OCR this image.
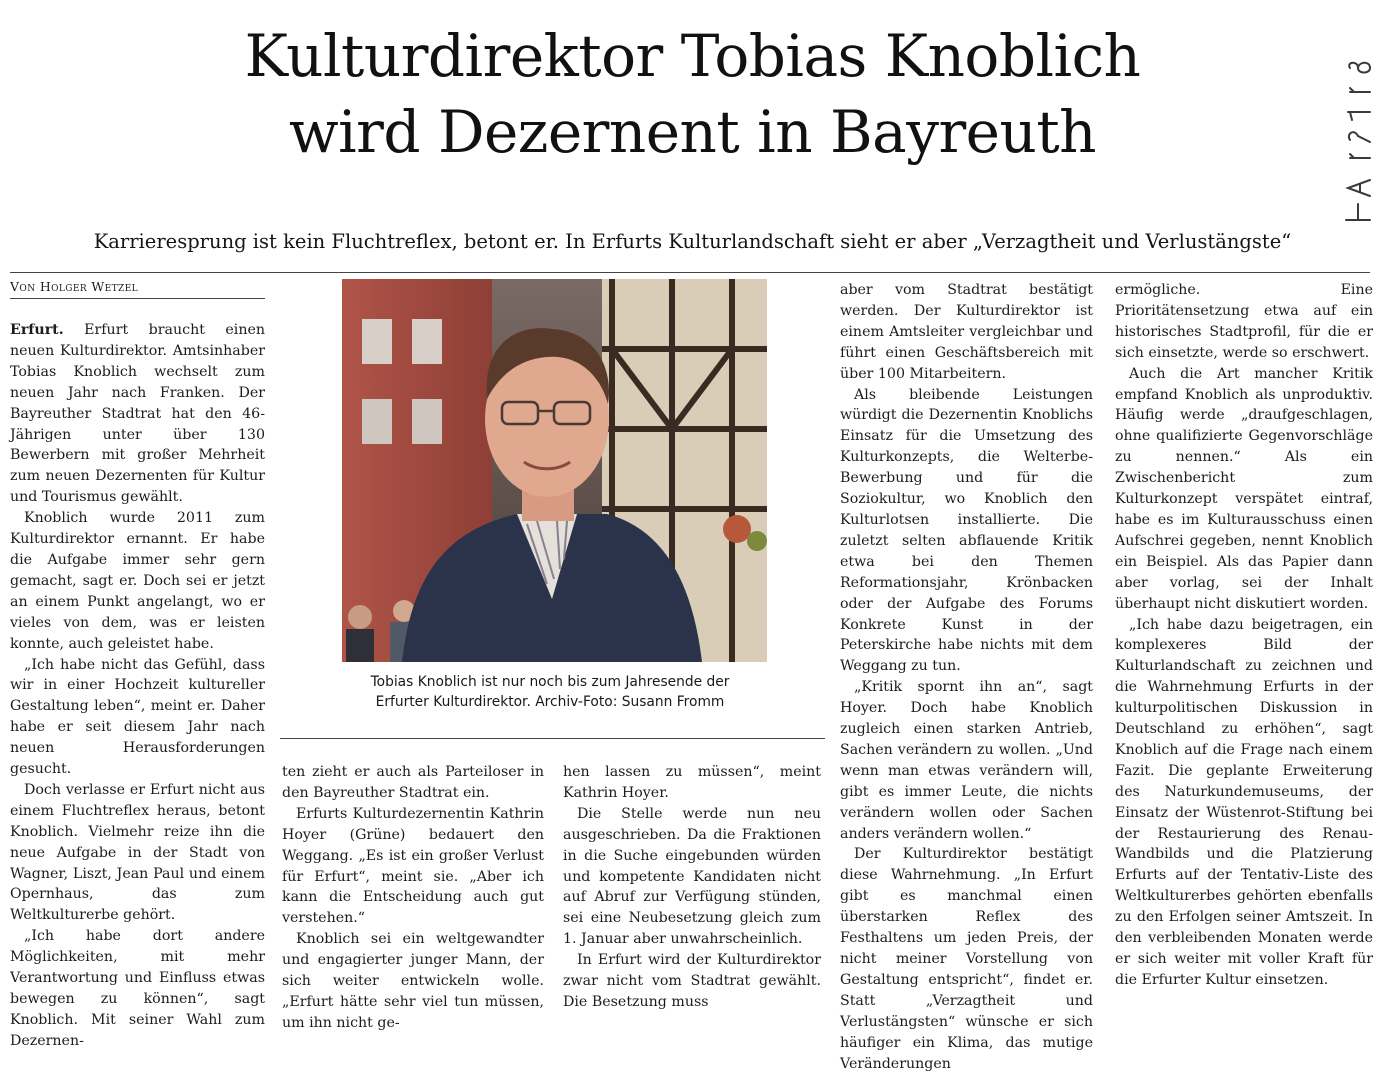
Kulturdirektor Tobias Knoblich
wird Dezernent in Bayreuth
Karrieresprung ist kein Fluchtreflex, betont er. In Erfurts Kulturlandschaft sieht er aber „Verzagtheit und Verlustängste“
Von Holger Wetzel

Erfurt. Erfurt braucht einen neuen Kulturdirektor. Amtsinhaber Tobias Knoblich wechselt zum neuen Jahr nach Franken. Der Bayreuther Stadtrat hat den 46-Jährigen unter über 130 Bewerbern mit großer Mehrheit zum neuen Dezernenten für Kultur und Tourismus gewählt.

Knoblich wurde 2011 zum Kulturdirektor ernannt. Er habe die Aufgabe immer sehr gern gemacht, sagt er. Doch sei er jetzt an einem Punkt angelangt, wo er vieles von dem, was er leisten konnte, auch geleistet habe.

„Ich habe nicht das Gefühl, dass wir in einer Hochzeit kultureller Gestaltung leben“, meint er. Daher habe er seit diesem Jahr nach neuen Herausforderungen gesucht.

Doch verlasse er Erfurt nicht aus einem Fluchtreflex heraus, betont Knoblich. Vielmehr reize ihn die neue Aufgabe in der Stadt von Wagner, Liszt, Jean Paul und einem Opernhaus, das zum Weltkulturerbe gehört.

„Ich habe dort andere Möglichkeiten, mit mehr Verantwortung und Einfluss etwas bewegen zu können“, sagt Knoblich. Mit seiner Wahl zum Dezernen-

Tobias Knoblich ist nur noch bis zum Jahresende der
Erfurter Kulturdirektor. Archiv-Foto: Susann Fromm

ten zieht er auch als Parteiloser in den Bayreuther Stadtrat ein.

Erfurts Kulturdezernentin Kathrin Hoyer (Grüne) bedauert den Weggang. „Es ist ein großer Verlust für Erfurt“, meint sie. „Aber ich kann die Entscheidung auch gut verstehen.“

Knoblich sei ein weltgewandter und engagierter junger Mann, der sich weiter entwickeln wolle. „Erfurt hätte sehr viel tun müssen, um ihn nicht ge-

hen lassen zu müssen“, meint Kathrin Hoyer.

Die Stelle werde nun neu ausgeschrieben. Da die Fraktionen in die Suche eingebunden würden und kompetente Kandidaten nicht auf Abruf zur Verfügung stünden, sei eine Neubesetzung gleich zum 1. Januar aber unwahrscheinlich.

In Erfurt wird der Kulturdirektor zwar nicht vom Stadtrat gewählt. Die Besetzung muss

aber vom Stadtrat bestätigt werden. Der Kulturdirektor ist einem Amtsleiter vergleichbar und führt einen Geschäftsbereich mit über 100 Mitarbeitern.

Als bleibende Leistungen würdigt die Dezernentin Knoblichs Einsatz für die Umsetzung des Kulturkonzepts, die Welterbe-Bewerbung und für die Soziokultur, wo Knoblich den Kulturlotsen installierte. Die zuletzt selten abflauende Kritik etwa bei den Themen Reformationsjahr, Krönbacken oder der Aufgabe des Forums Konkrete Kunst in der Peterskirche habe nichts mit dem Weggang zu tun.

„Kritik spornt ihn an“, sagt Hoyer. Doch habe Knoblich zugleich einen starken Antrieb, Sachen verändern zu wollen. „Und wenn man etwas verändern will, gibt es immer Leute, die nichts verändern wollen oder Sachen anders verändern wollen.“

Der Kulturdirektor bestätigt diese Wahrnehmung. „In Erfurt gibt es manchmal einen überstarken Reflex des Festhaltens um jeden Preis, der nicht meiner Vorstellung von Gestaltung entspricht“, findet er. Statt „Verzagtheit und Verlustängsten“ wünsche er sich häufiger ein Klima, das mutige Veränderungen

ermögliche. Eine Prioritätensetzung etwa auf ein historisches Stadtprofil, für die er sich einsetzte, werde so erschwert.

Auch die Art mancher Kritik empfand Knoblich als unproduktiv. Häufig werde „draufgeschlagen, ohne qualifizierte Gegenvorschläge zu nennen.“ Als ein Zwischenbericht zum Kulturkonzept verspätet eintraf, habe es im Kulturausschuss einen Aufschrei gegeben, nennt Knoblich ein Beispiel. Als das Papier dann aber vorlag, sei der Inhalt überhaupt nicht diskutiert worden.

„Ich habe dazu beigetragen, ein komplexeres Bild der Kulturlandschaft zu zeichnen und die Wahrnehmung Erfurts in der kulturpolitischen Diskussion in Deutschland zu erhöhen“, sagt Knoblich auf die Frage nach einem Fazit. Die geplante Erweiterung des Naturkundemuseums, der Einsatz der Wüstenrot-Stiftung bei der Restaurierung des Renau-Wandbilds und die Platzierung Erfurts auf der Tentativ-Liste des Weltkulturerbes gehörten ebenfalls zu den Erfolgen seiner Amtszeit. In den verbleibenden Monaten werde er sich weiter mit voller Kraft für die Erfurter Kultur einsetzen.
